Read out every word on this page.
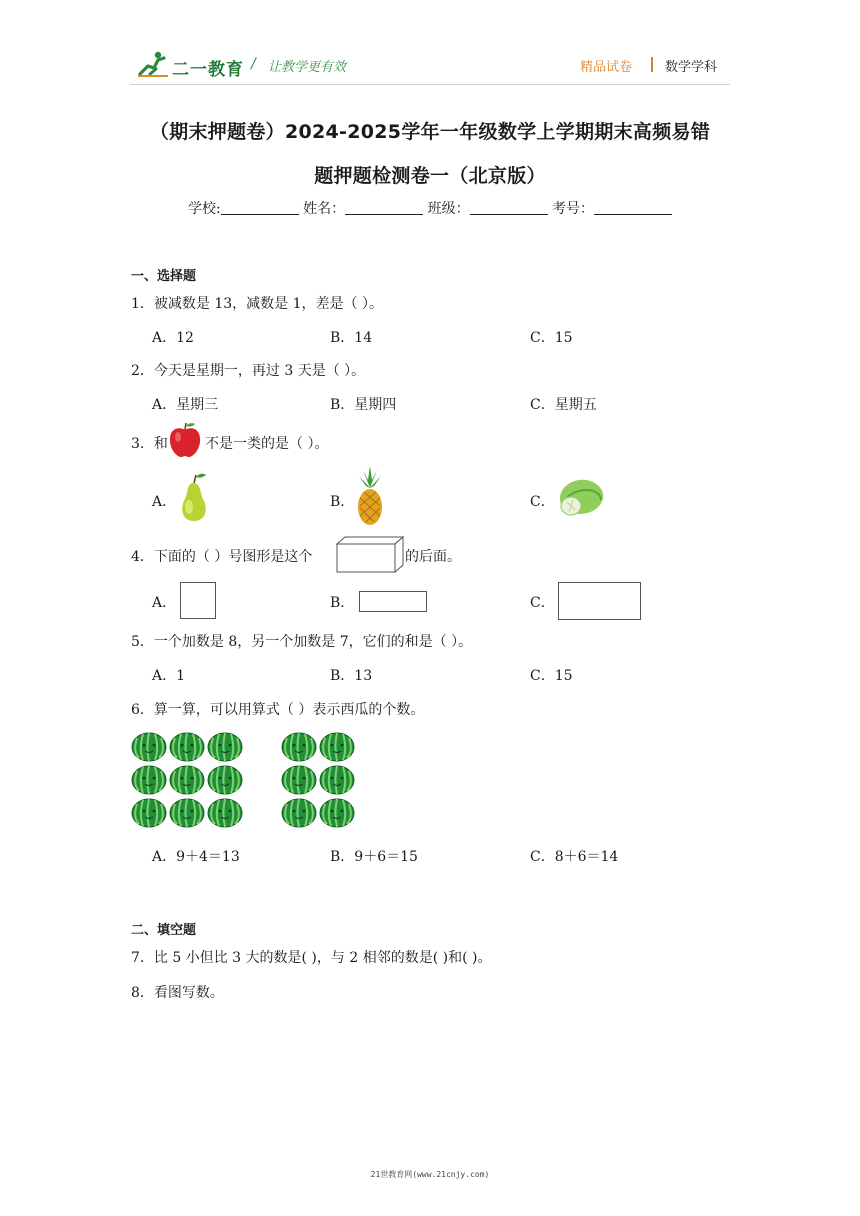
二一教育 / 让教学更有效	精品试卷	数学学科
（期末押题卷）2024-2025学年一年级数学上学期期末高频易错
题押题检测卷一（北京版）
学校:	姓名：	班级：	考号：
一、选择题
1．被减数是 13，减数是 1，差是（ ）。
A．12	B．14	C．15
2．今天是星期一，再过 3 天是（ ）。
A．星期三	B．星期四	C．星期五
3．和	不是一类的是（ ）。
A．	B．	C．
4．下面的（ ）号图形是这个	的后面。
A．	B．	C．
5．一个加数是 8，另一个加数是 7，它们的和是（ ）。
A．1	B．13	C．15
6．算一算，可以用算式（ ）表示西瓜的个数。
A．9＋4＝13	B．9＋6＝15	C．8＋6＝14
二、填空题
7．比 5 小但比 3 大的数是( )，与 2 相邻的数是( )和( )。
8．看图写数。
21世教育网(www.21cnjy.com)
